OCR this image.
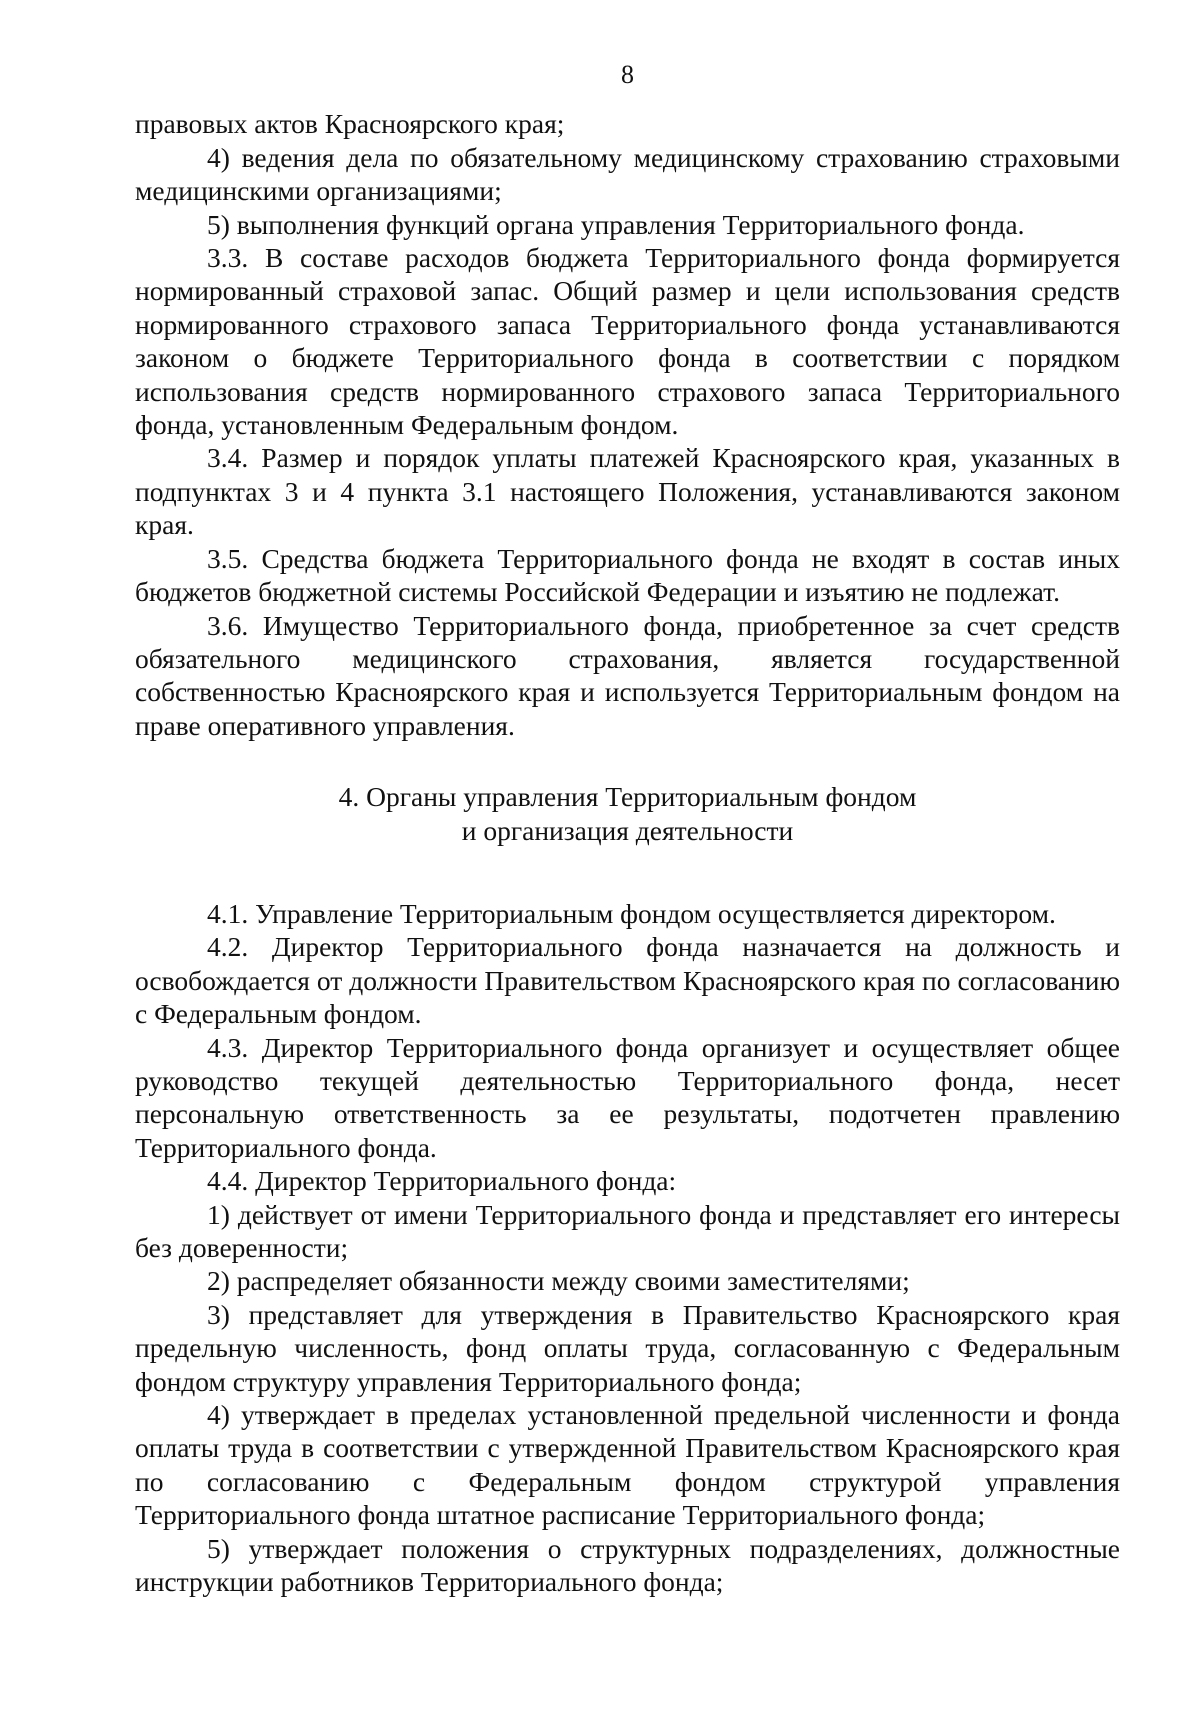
8

правовых актов Красноярского края;

4) ведения дела по обязательному медицинскому страхованию страховыми медицинскими организациями;

5) выполнения функций органа управления Территориального фонда.

3.3. В составе расходов бюджета Территориального фонда формируется нормированный страховой запас. Общий размер и цели использования средств нормированного страхового запаса Территориального фонда устанавливаются законом о бюджете Территориального фонда в соответствии с порядком использования средств нормированного страхового запаса Территориального фонда, установленным Федеральным фондом.

3.4. Размер и порядок уплаты платежей Красноярского края, указанных в подпунктах 3 и 4 пункта 3.1 настоящего Положения, устанавливаются законом края.

3.5. Средства бюджета Территориального фонда не входят в состав иных бюджетов бюджетной системы Российской Федерации и изъятию не подлежат.

3.6. Имущество Территориального фонда, приобретенное за счет средств обязательного медицинского страхования, является государственной собственностью Красноярского края и используется Территориальным фондом на праве оперативного управления.

4. Органы управления Территориальным фондом
и организация деятельности

4.1. Управление Территориальным фондом осуществляется директором.

4.2. Директор Территориального фонда назначается на должность и освобождается от должности Правительством Красноярского края по согласованию с Федеральным фондом.

4.3. Директор Территориального фонда организует и осуществляет общее руководство текущей деятельностью Территориального фонда, несет персональную ответственность за ее результаты, подотчетен правлению Территориального фонда.

4.4. Директор Территориального фонда:

1) действует от имени Территориального фонда и представляет его интересы без доверенности;

2) распределяет обязанности между своими заместителями;

3) представляет для утверждения в Правительство Красноярского края предельную численность, фонд оплаты труда, согласованную с Федеральным фондом структуру управления Территориального фонда;

4) утверждает в пределах установленной предельной численности и фонда оплаты труда в соответствии с утвержденной Правительством Красноярского края по согласованию с Федеральным фондом структурой управления Территориального фонда штатное расписание Территориального фонда;

5) утверждает положения о структурных подразделениях, должностные инструкции работников Территориального фонда;
